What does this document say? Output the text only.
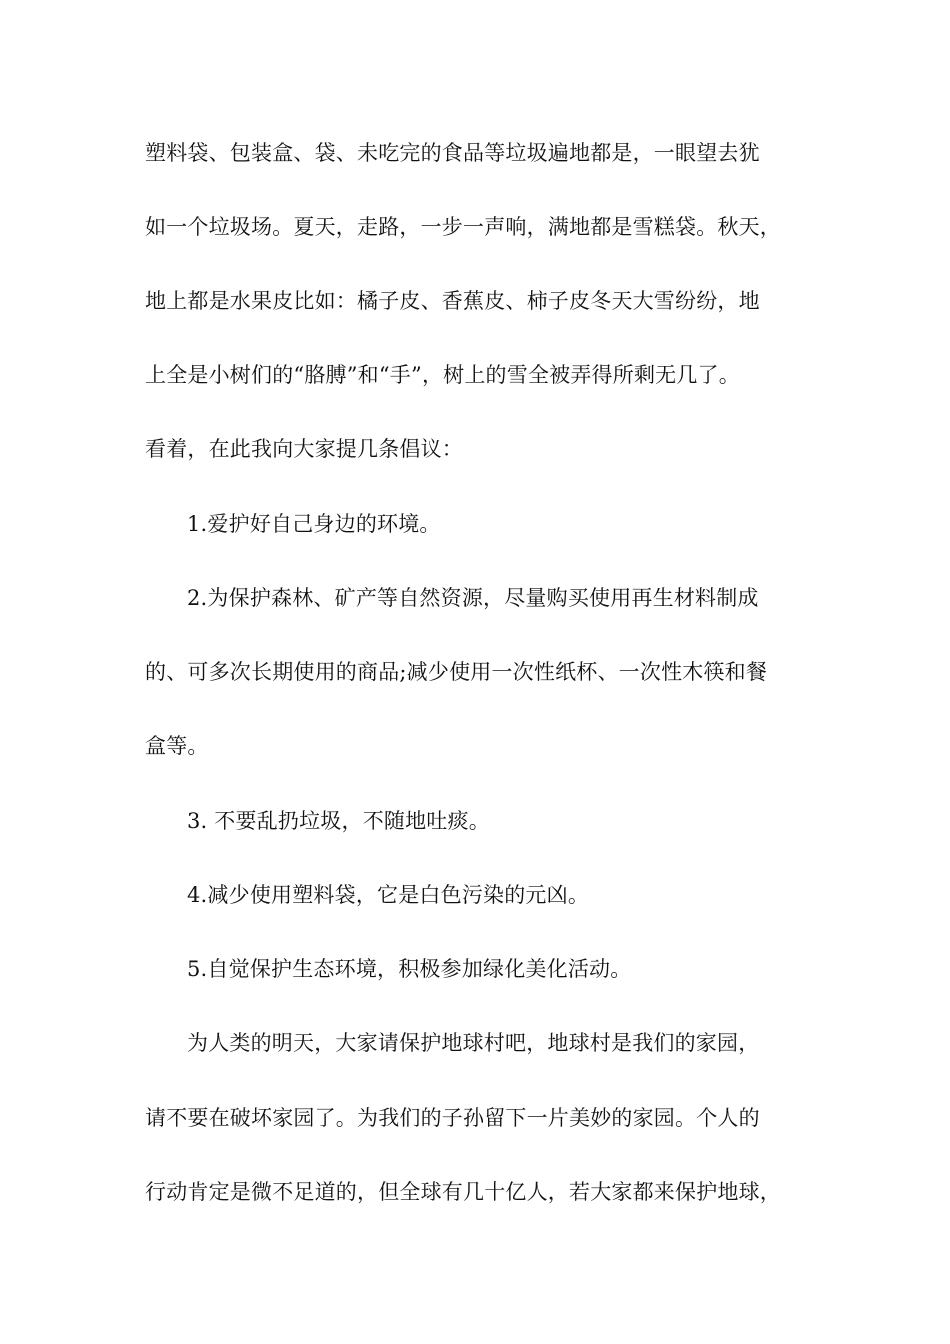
塑料袋、包装盒、袋、未吃完的食品等垃圾遍地都是，一眼望去犹
如一个垃圾场。夏天，走路，一步一声响，满地都是雪糕袋。秋天，
地上都是水果皮比如：橘子皮、香蕉皮、柿子皮冬天大雪纷纷，地
上全是小树们的“胳膊”和“手”，树上的雪全被弄得所剩无几了。
看着，在此我向大家提几条倡议：
1.爱护好自己身边的环境。
2.为保护森林、矿产等自然资源，尽量购买使用再生材料制成
的、可多次长期使用的商品;减少使用一次性纸杯、一次性木筷和餐
盒等。
3. 不要乱扔垃圾，不随地吐痰。
4.减少使用塑料袋，它是白色污染的元凶。
5.自觉保护生态环境，积极参加绿化美化活动。
为人类的明天，大家请保护地球村吧，地球村是我们的家园，
请不要在破坏家园了。为我们的子孙留下一片美妙的家园。个人的
行动肯定是微不足道的，但全球有几十亿人，若大家都来保护地球，
